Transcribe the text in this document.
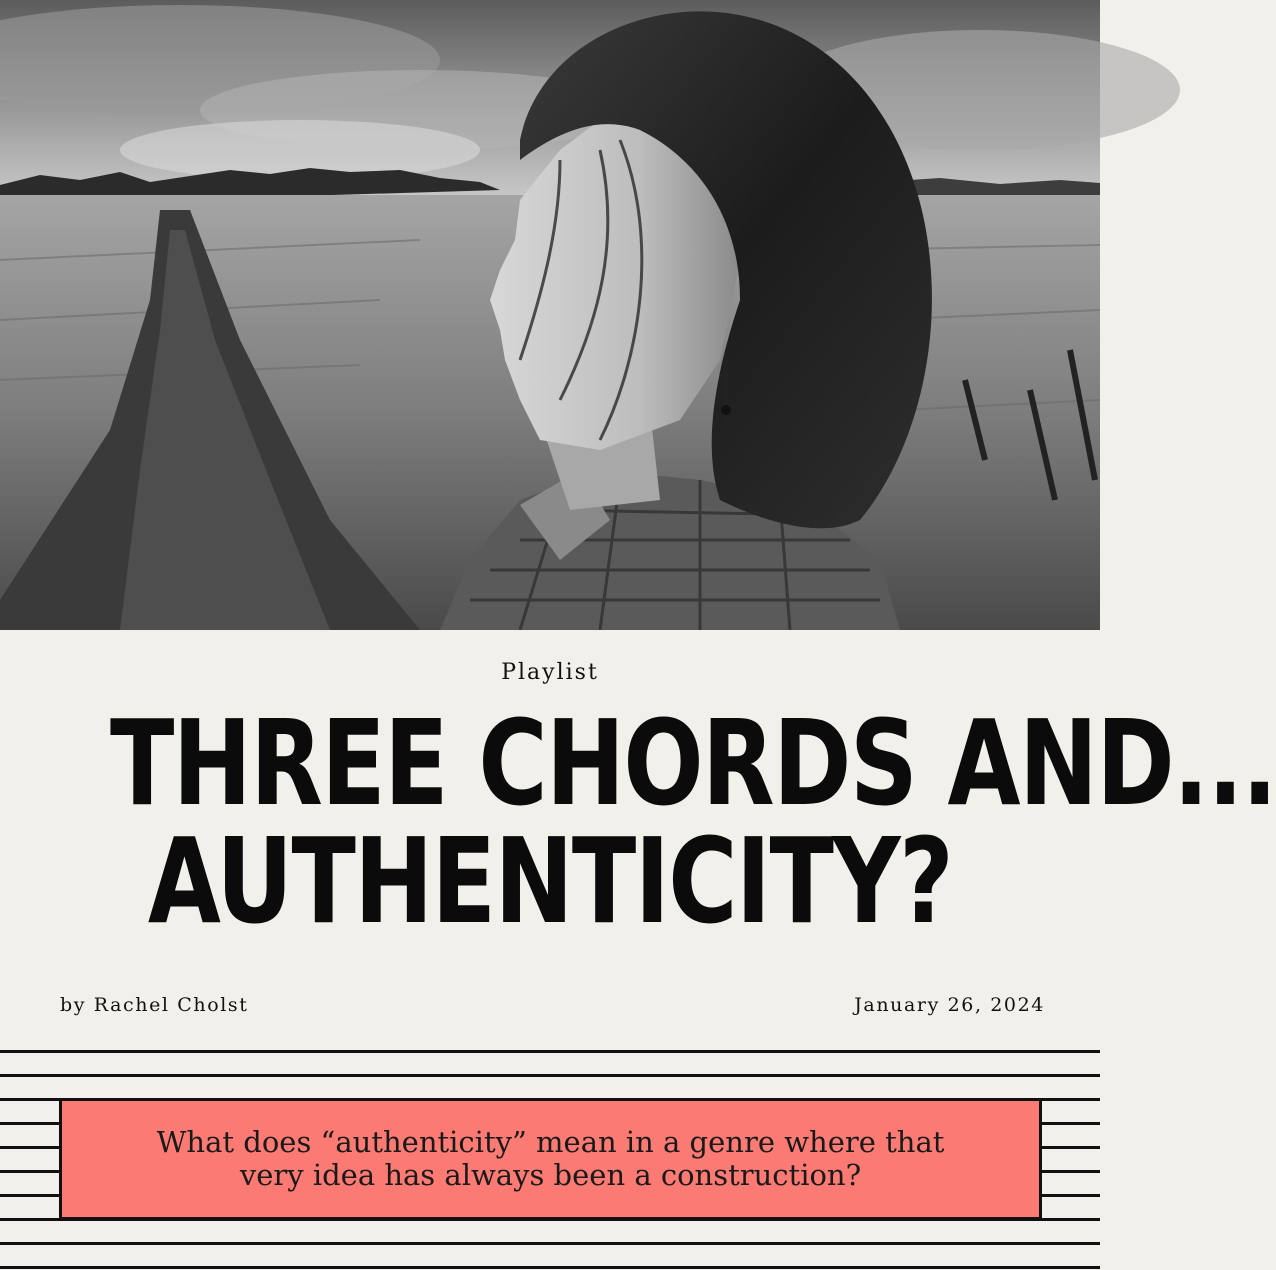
Playlist
THREE CHORDS AND...
AUTHENTICITY?
by Rachel Cholst	January 26, 2024

What does “authenticity” mean in a genre where that very idea has always been a construction?
